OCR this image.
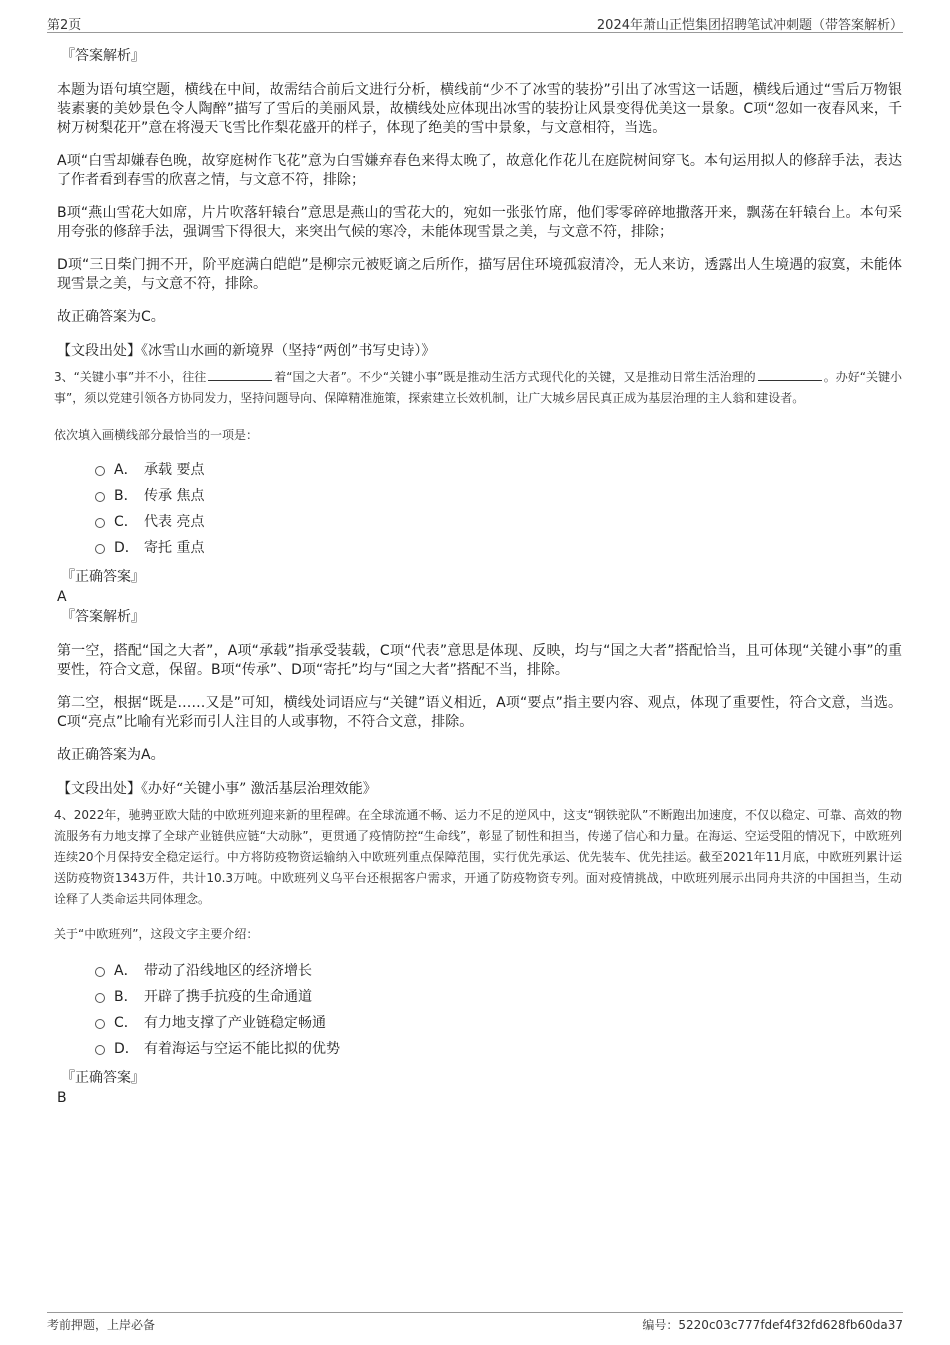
第2页	2024年萧山正恺集团招聘笔试冲刺题（带答案解析）
『答案解析』

本题为语句填空题，横线在中间，故需结合前后文进行分析，横线前“少不了冰雪的装扮”引出了冰雪这一话题，横线后通过“雪后万物银装素裹的美妙景色令人陶醉”描写了雪后的美丽风景，故横线处应体现出冰雪的装扮让风景变得优美这一景象。C项“忽如一夜春风来，千树万树梨花开”意在将漫天飞雪比作梨花盛开的样子，体现了绝美的雪中景象，与文意相符，当选。

A项“白雪却嫌春色晚，故穿庭树作飞花”意为白雪嫌弃春色来得太晚了，故意化作花儿在庭院树间穿飞。本句运用拟人的修辞手法，表达了作者看到春雪的欣喜之情，与文意不符，排除；

B项“燕山雪花大如席，片片吹落轩辕台”意思是燕山的雪花大的，宛如一张张竹席，他们零零碎碎地撒落开来，飘荡在轩辕台上。本句采用夸张的修辞手法，强调雪下得很大，来突出气候的寒冷，未能体现雪景之美，与文意不符，排除；

D项“三日柴门拥不开，阶平庭满白皑皑”是柳宗元被贬谪之后所作，描写居住环境孤寂清冷，无人来访，透露出人生境遇的寂寞，未能体现雪景之美，与文意不符，排除。

故正确答案为C。

【文段出处】《冰雪山水画的新境界（坚持“两创”书写史诗）》

3、“关键小事”并不小，往往	着“国之大者”。不少“关键小事”既是推动生活方式现代化的关键，又是推动日常生活治理的	。办好“关键小事”，须以党建引领各方协同发力，坚持问题导向、保障精准施策，探索建立长效机制，让广大城乡居民真正成为基层治理的主人翁和建设者。

依次填入画横线部分最恰当的一项是：

A． 承载 要点
B． 传承 焦点
C． 代表 亮点
D． 寄托 重点
『正确答案』
A
『答案解析』

第一空，搭配“国之大者”，A项“承载”指承受装载，C项“代表”意思是体现、反映，均与“国之大者”搭配恰当，且可体现“关键小事”的重要性，符合文意，保留。B项“传承”、D项“寄托”均与“国之大者”搭配不当，排除。

第二空，根据“既是……又是”可知，横线处词语应与“关键”语义相近，A项“要点”指主要内容、观点，体现了重要性，符合文意，当选。C项“亮点”比喻有光彩而引人注目的人或事物，不符合文意，排除。

故正确答案为A。

【文段出处】《办好“关键小事” 激活基层治理效能》

4、2022年，驰骋亚欧大陆的中欧班列迎来新的里程碑。在全球流通不畅、运力不足的逆风中，这支“钢铁驼队”不断跑出加速度，不仅以稳定、可靠、高效的物流服务有力地支撑了全球产业链供应链“大动脉”，更贯通了疫情防控“生命线”，彰显了韧性和担当，传递了信心和力量。在海运、空运受阻的情况下，中欧班列连续20个月保持安全稳定运行。中方将防疫物资运输纳入中欧班列重点保障范围，实行优先承运、优先装车、优先挂运。截至2021年11月底，中欧班列累计运送防疫物资1343万件，共计10.3万吨。中欧班列义乌平台还根据客户需求，开通了防疫物资专列。面对疫情挑战，中欧班列展示出同舟共济的中国担当，生动诠释了人类命运共同体理念。

关于“中欧班列”，这段文字主要介绍：

A． 带动了沿线地区的经济增长
B． 开辟了携手抗疫的生命通道
C． 有力地支撑了产业链稳定畅通
D． 有着海运与空运不能比拟的优势
『正确答案』
B
考前押题，上岸必备	编号：5220c03c777fdef4f32fd628fb60da37
